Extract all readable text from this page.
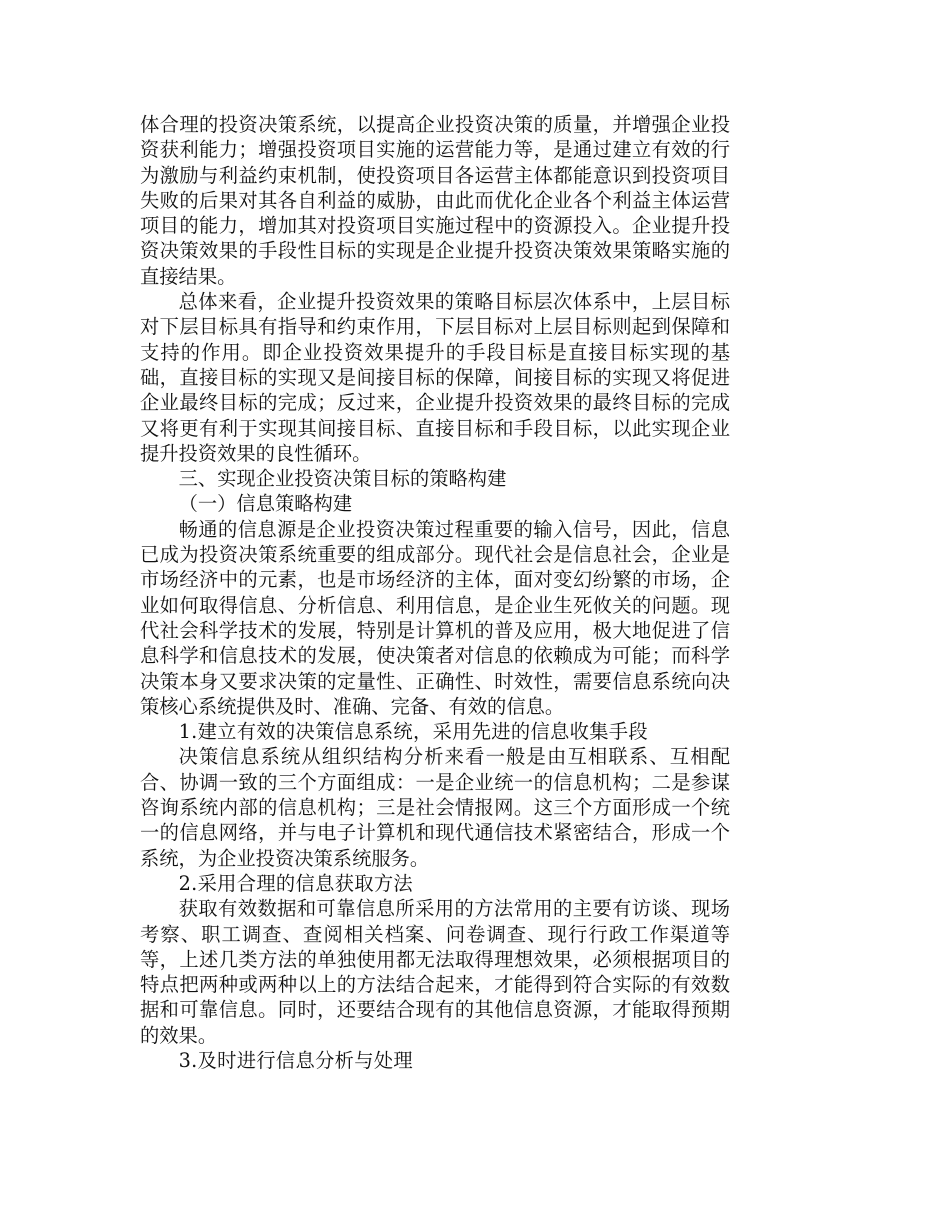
体合理的投资决策系统，以提高企业投资决策的质量，并增强企业投资获利能力；增强投资项目实施的运营能力等，是通过建立有效的行为激励与利益约束机制，使投资项目各运营主体都能意识到投资项目失败的后果对其各自利益的威胁，由此而优化企业各个利益主体运营项目的能力，增加其对投资项目实施过程中的资源投入。企业提升投资决策效果的手段性目标的实现是企业提升投资决策效果策略实施的直接结果。

总体来看，企业提升投资效果的策略目标层次体系中，上层目标对下层目标具有指导和约束作用，下层目标对上层目标则起到保障和支持的作用。即企业投资效果提升的手段目标是直接目标实现的基础，直接目标的实现又是间接目标的保障，间接目标的实现又将促进企业最终目标的完成；反过来，企业提升投资效果的最终目标的完成又将更有利于实现其间接目标、直接目标和手段目标，以此实现企业提升投资效果的良性循环。

三、实现企业投资决策目标的策略构建

（一）信息策略构建

畅通的信息源是企业投资决策过程重要的输入信号，因此，信息已成为投资决策系统重要的组成部分。现代社会是信息社会，企业是市场经济中的元素，也是市场经济的主体，面对变幻纷繁的市场，企业如何取得信息、分析信息、利用信息，是企业生死攸关的问题。现代社会科学技术的发展，特别是计算机的普及应用，极大地促进了信息科学和信息技术的发展，使决策者对信息的依赖成为可能；而科学决策本身又要求决策的定量性、正确性、时效性，需要信息系统向决策核心系统提供及时、准确、完备、有效的信息。

1.建立有效的决策信息系统，采用先进的信息收集手段

决策信息系统从组织结构分析来看一般是由互相联系、互相配合、协调一致的三个方面组成：一是企业统一的信息机构；二是参谋咨询系统内部的信息机构；三是社会情报网。这三个方面形成一个统一的信息网络，并与电子计算机和现代通信技术紧密结合，形成一个系统，为企业投资决策系统服务。

2.采用合理的信息获取方法

获取有效数据和可靠信息所采用的方法常用的主要有访谈、现场考察、职工调查、查阅相关档案、问卷调查、现行行政工作渠道等等，上述几类方法的单独使用都无法取得理想效果，必须根据项目的特点把两种或两种以上的方法结合起来，才能得到符合实际的有效数据和可靠信息。同时，还要结合现有的其他信息资源，才能取得预期的效果。

3.及时进行信息分析与处理
